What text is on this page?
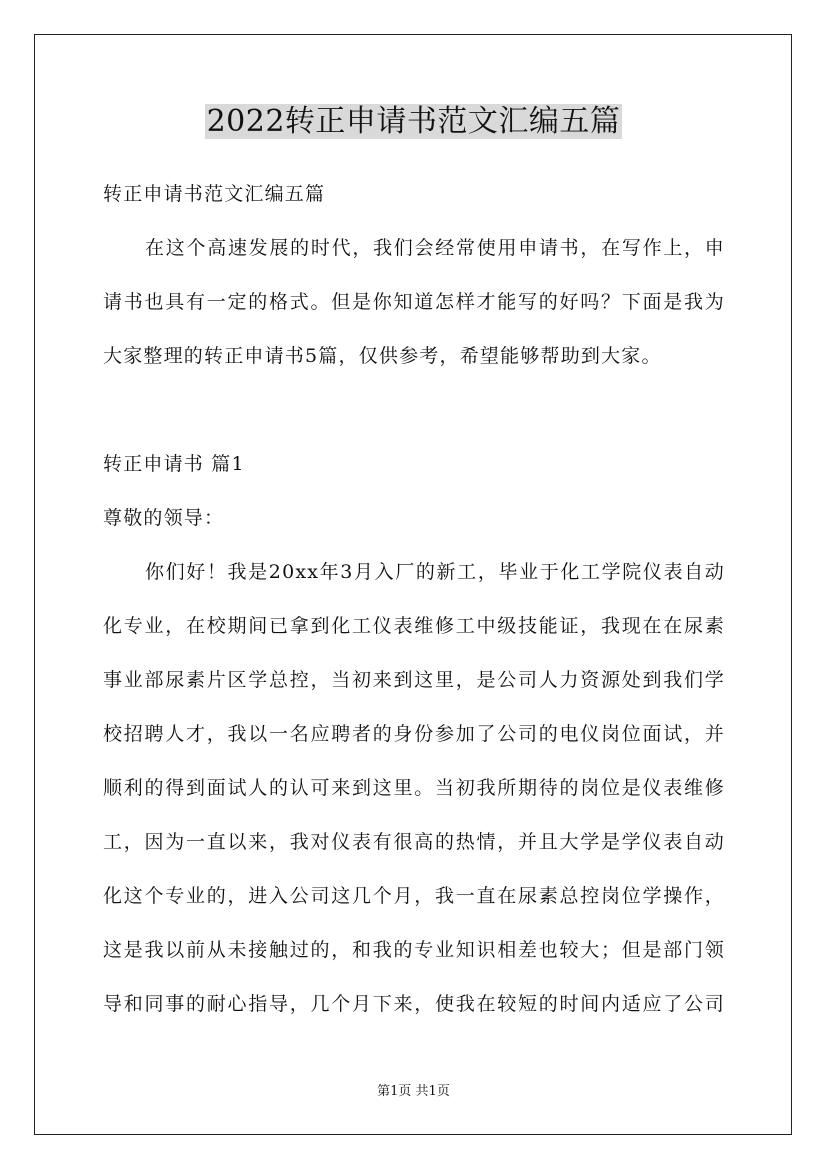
2022转正申请书范文汇编五篇
转正申请书范文汇编五篇
在这个高速发展的时代，我们会经常使用申请书，在写作上，申
请书也具有一定的格式。但是你知道怎样才能写的好吗？下面是我为
大家整理的转正申请书5篇，仅供参考，希望能够帮助到大家。
转正申请书 篇1
尊敬的领导：
你们好！我是20xx年3月入厂的新工，毕业于化工学院仪表自动
化专业，在校期间已拿到化工仪表维修工中级技能证，我现在在尿素
事业部尿素片区学总控，当初来到这里，是公司人力资源处到我们学
校招聘人才，我以一名应聘者的身份参加了公司的电仪岗位面试，并
顺利的得到面试人的认可来到这里。当初我所期待的岗位是仪表维修
工，因为一直以来，我对仪表有很高的热情，并且大学是学仪表自动
化这个专业的，进入公司这几个月，我一直在尿素总控岗位学操作，
这是我以前从未接触过的，和我的专业知识相差也较大；但是部门领
导和同事的耐心指导，几个月下来，使我在较短的时间内适应了公司
第1页 共1页
